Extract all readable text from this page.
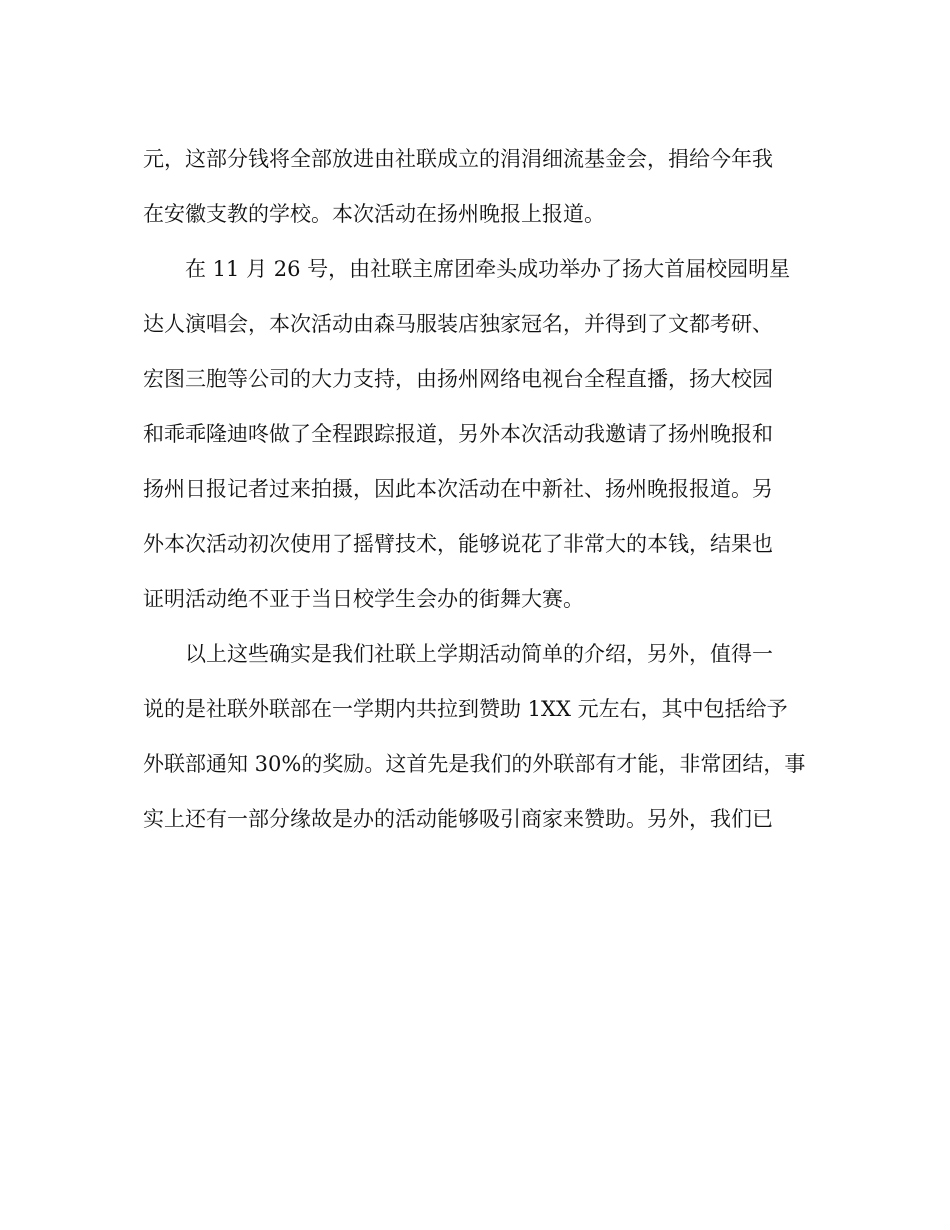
元，这部分钱将全部放进由社联成立的涓涓细流基金会，捐给今年我
在安徽支教的学校。本次活动在扬州晚报上报道。
在 11 月 26 号，由社联主席团牵头成功举办了扬大首届校园明星
达人演唱会，本次活动由森马服装店独家冠名，并得到了文都考研、
宏图三胞等公司的大力支持，由扬州网络电视台全程直播，扬大校园
和乖乖隆迪咚做了全程跟踪报道，另外本次活动我邀请了扬州晚报和
扬州日报记者过来拍摄，因此本次活动在中新社、扬州晚报报道。另
外本次活动初次使用了摇臂技术，能够说花了非常大的本钱，结果也
证明活动绝不亚于当日校学生会办的街舞大赛。
以上这些确实是我们社联上学期活动简单的介绍，另外，值得一
说的是社联外联部在一学期内共拉到赞助 1XX 元左右，其中包括给予
外联部通知 30%的奖励。这首先是我们的外联部有才能，非常团结，事
实上还有一部分缘故是办的活动能够吸引商家来赞助。另外，我们已
